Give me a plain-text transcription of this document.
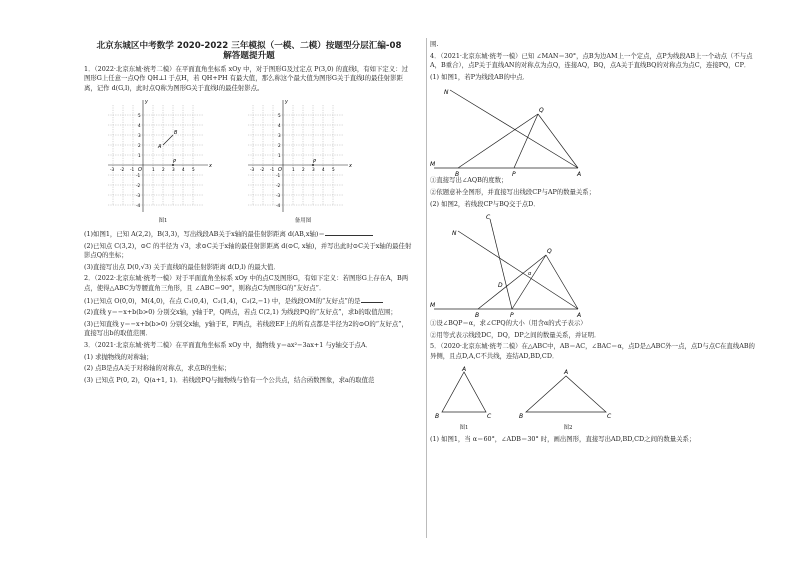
北京东城区中考数学 2020-2022 三年模拟（一模、二模）按题型分层汇编-08
解答题提升题

1．（2022·北京东城·统考二模）在平面直角坐标系 xOy 中，对于图形G及过定点 P(3,0) 的直线l，有如下定义：过图形G上任意一点Q作 QH⊥l 于点H，若 QH+PH 有最大值，那么称这个最大值为图形G关于直线l的最佳射影距离，记作 d(G,l)，此时点Q称为图形G关于直线l的最佳射影点。

x
y
O
A
B
P
-3 -2 -1	1 2 3 4 5
5
4
3
2
1
-1
-2
-3
-4
图1
x
y
O
P
-3 -2 -1	1 2 3 4 5
5
4
3
2
1
-1
-2
-3
-4
备用图

(1)如图1，已知 A(2,2)，B(3,3)，写出线段AB关于x轴的最佳射影距离 d(AB,x轴)＝

(2)已知点 C(3,2)，⊙C 的半径为 √3，求⊙C关于x轴的最佳射影距离 d(⊙C, x轴)，并写出此时⊙C关于x轴的最佳射影点Q的坐标；

(3)直接写出点 D(0,√3) 关于直线l的最佳射影距离 d(D,l) 的最大值．

2．（2022·北京东城·统考一模）对于平面直角坐标系 xOy 中的点C及图形G，有如下定义：若图形G上存在A，B两点，使得△ABC为等腰直角三角形，且 ∠ABC＝90°，则称点C为图形G的“友好点”．

(1)已知点 O(0,0)，M(4,0)，在点 C₁(0,4)，C₂(1,4)，C₃(2,−1) 中，是线段OM的“友好点”的是

(2)直线 y＝−x+b(b>0) 分别交x轴，y轴于P，Q两点，若点 C(2,1) 为线段PQ的“友好点”，求b的取值范围；

(3)已知直线 y＝−x+b(b>0) 分别交x轴，y轴于E，F两点，若线段EF上的所有点都是半径为2的⊙O的“友好点”，直接写出b的取值范围．

3．（2021·北京东城·统考二模）在平面直角坐标系 xOy 中，抛物线 y＝ax²−3ax+1 与y轴交于点A．

(1) 求抛物线的对称轴；

(2) 点B是点A关于对称轴的对称点，求点B的坐标；

(3) 已知点 P(0, 2)，Q(a+1, 1)．若线段PQ与抛物线与恰有一个公共点，结合函数图象，求a的取值范

围.

4．（2021·北京东城·统考一模）已知 ∠MAN＝30°，点B为边AM上一个定点，点P为线段AB上一个动点（不与点A，B重合），点P关于直线AN的对称点为点Q，连接AQ，BQ，点A关于直线BQ的对称点为点C，连接PQ，CP．

(1) 如图1，若P为线段AB的中点．

M
N
B	P
Q
A

①直接写出∠AQB的度数；

②依题意补全图形，并直接写出线段CP与AP的数量关系；

(2) 如图2，若线段CP与BQ交于点D．

M
N
C
D
α
Q
B	P	A

①设∠BQP＝α，求∠CPQ的大小（用含α的式子表示）

②用等式表示线段DC，DQ，DP之间的数量关系，并证明．

5．（2020·北京东城·统考二模）在△ABC中，AB＝AC，∠BAC＝α，点D是△ABC外一点，点D与点C在直线AB的异侧，且点D,A,C不共线，连结AD,BD,CD．

A
B	C
图1
A
B	C
图2

(1) 如图1，当 α＝60°，∠ADB＝30° 时，画出图形，直接写出AD,BD,CD之间的数量关系；
